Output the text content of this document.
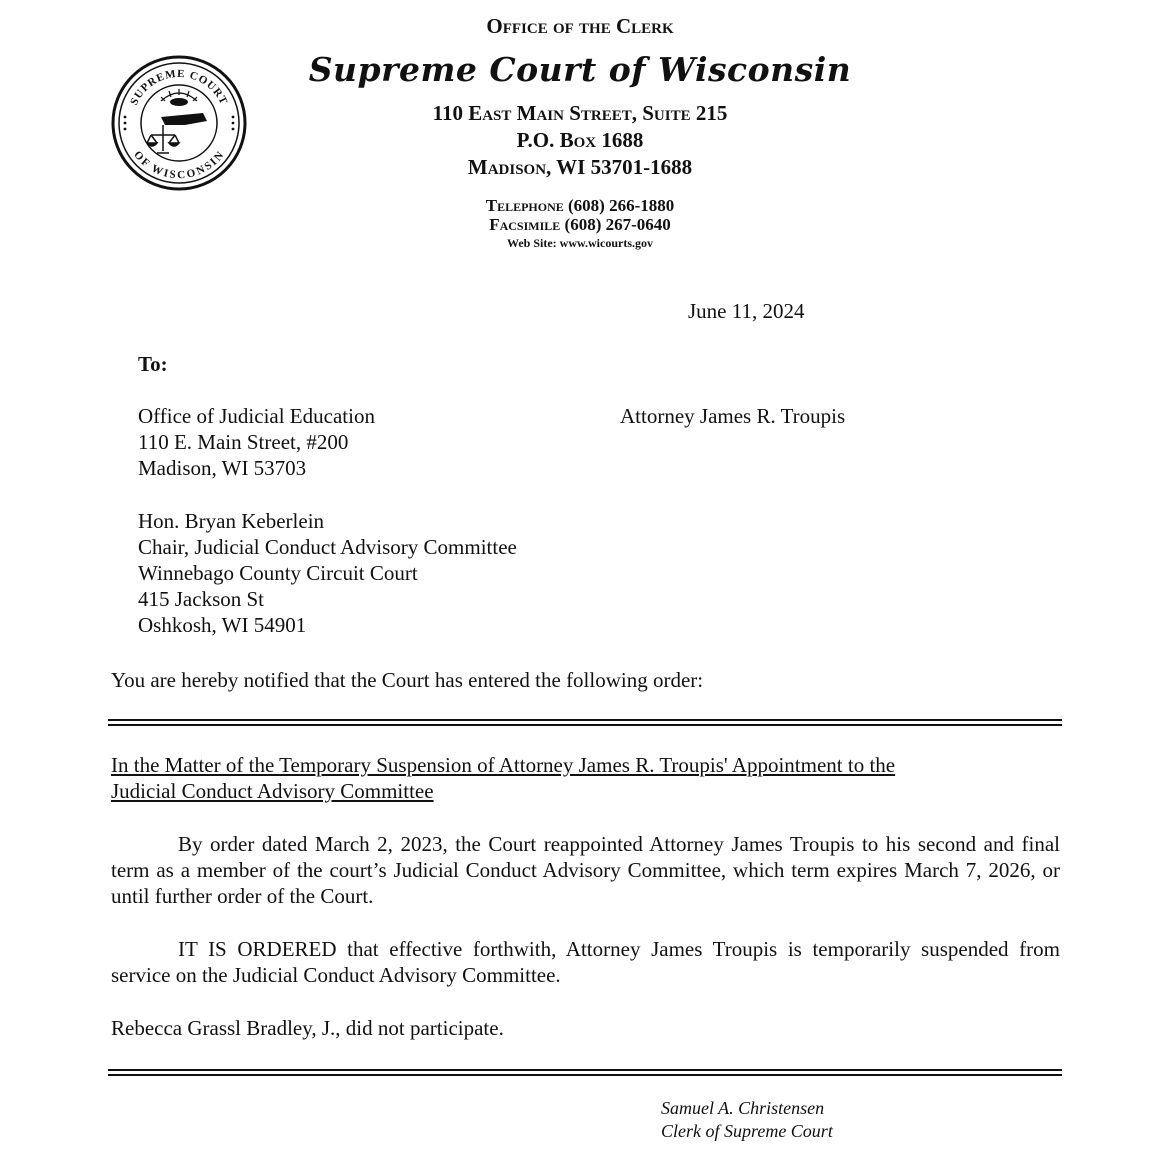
SUPREME COURT
OF WISCONSIN
Office of the Clerk
Supreme Court of Wisconsin
110 East Main Street, Suite 215
P.O. Box 1688
Madison, WI 53701-1688
Telephone (608) 266-1880
Facsimile (608) 267-0640
Web Site: www.wicourts.gov
June 11, 2024
To:
Office of Judicial Education
110 E. Main Street, #200
Madison, WI 53703
Attorney James R. Troupis
Hon. Bryan Keberlein
Chair, Judicial Conduct Advisory Committee
Winnebago County Circuit Court
415 Jackson St
Oshkosh, WI 54901
You are hereby notified that the Court has entered the following order:
In the Matter of the Temporary Suspension of Attorney James R. Troupis' Appointment to the
Judicial Conduct Advisory Committee

By order dated March 2, 2023, the Court reappointed Attorney James Troupis to his second and final term as a member of the court’s Judicial Conduct Advisory Committee, which term expires March 7, 2026, or until further order of the Court.

IT IS ORDERED that effective forthwith, Attorney James Troupis is temporarily suspended from service on the Judicial Conduct Advisory Committee.

Rebecca Grassl Bradley, J., did not participate.
Samuel A. Christensen
Clerk of Supreme Court
